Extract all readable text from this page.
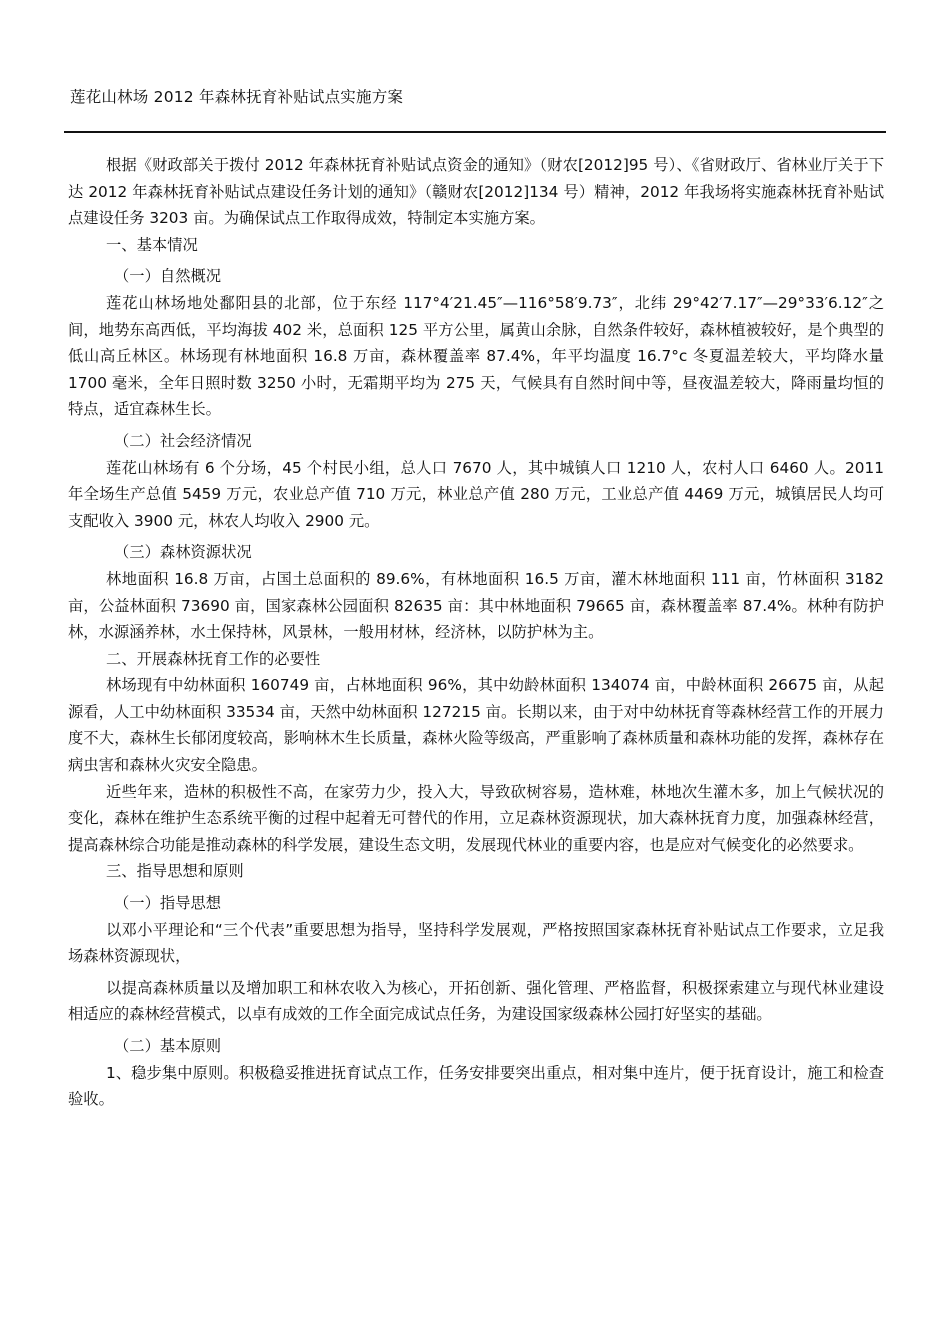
莲花山林场 2012 年森林抚育补贴试点实施方案

根据《财政部关于拨付 2012 年森林抚育补贴试点资金的通知》（财农[2012]95 号）、《省财政厅、省林业厅关于下达 2012 年森林抚育补贴试点建设任务计划的通知》（赣财农[2012]134 号）精神，2012 年我场将实施森林抚育补贴试点建设任务 3203 亩。为确保试点工作取得成效，特制定本实施方案。

一、基本情况

（一）自然概况

莲花山林场地处鄱阳县的北部，位于东经 117°4′21.45″—116°58′9.73″，北纬 29°42′7.17″—29°33′6.12″之间，地势东高西低，平均海拔 402 米，总面积 125 平方公里，属黄山余脉，自然条件较好，森林植被较好，是个典型的低山高丘林区。林场现有林地面积 16.8 万亩，森林覆盖率 87.4%，年平均温度 16.7°c 冬夏温差较大，平均降水量 1700 毫米，全年日照时数 3250 小时，无霜期平均为 275 天，气候具有自然时间中等，昼夜温差较大，降雨量均恒的特点，适宜森林生长。

（二）社会经济情况

莲花山林场有 6 个分场，45 个村民小组，总人口 7670 人，其中城镇人口 1210 人，农村人口 6460 人。2011 年全场生产总值 5459 万元，农业总产值 710 万元，林业总产值 280 万元，工业总产值 4469 万元，城镇居民人均可支配收入 3900 元，林农人均收入 2900 元。

（三）森林资源状况

林地面积 16.8 万亩，占国土总面积的 89.6%，有林地面积 16.5 万亩，灌木林地面积 111 亩，竹林面积 3182 亩，公益林面积 73690 亩，国家森林公园面积 82635 亩：其中林地面积 79665 亩，森林覆盖率 87.4%。林种有防护林，水源涵养林，水土保持林，风景林，一般用材林，经济林，以防护林为主。

二、开展森林抚育工作的必要性

林场现有中幼林面积 160749 亩，占林地面积 96%，其中幼龄林面积 134074 亩，中龄林面积 26675 亩，从起源看，人工中幼林面积 33534 亩，天然中幼林面积 127215 亩。长期以来，由于对中幼林抚育等森林经营工作的开展力度不大，森林生长郁闭度较高，影响林木生长质量，森林火险等级高，严重影响了森林质量和森林功能的发挥，森林存在病虫害和森林火灾安全隐患。

近些年来，造林的积极性不高，在家劳力少，投入大，导致砍树容易，造林难，林地次生灌木多，加上气候状况的变化，森林在维护生态系统平衡的过程中起着无可替代的作用，立足森林资源现状，加大森林抚育力度，加强森林经营，提高森林综合功能是推动森林的科学发展，建设生态文明，发展现代林业的重要内容，也是应对气候变化的必然要求。

三、指导思想和原则

（一）指导思想

以邓小平理论和“三个代表”重要思想为指导，坚持科学发展观，严格按照国家森林抚育补贴试点工作要求，立足我场森林资源现状，

以提高森林质量以及增加职工和林农收入为核心，开拓创新、强化管理、严格监督，积极探索建立与现代林业建设相适应的森林经营模式，以卓有成效的工作全面完成试点任务，为建设国家级森林公园打好坚实的基础。

（二）基本原则

1、稳步集中原则。积极稳妥推进抚育试点工作，任务安排要突出重点，相对集中连片，便于抚育设计，施工和检查验收。
